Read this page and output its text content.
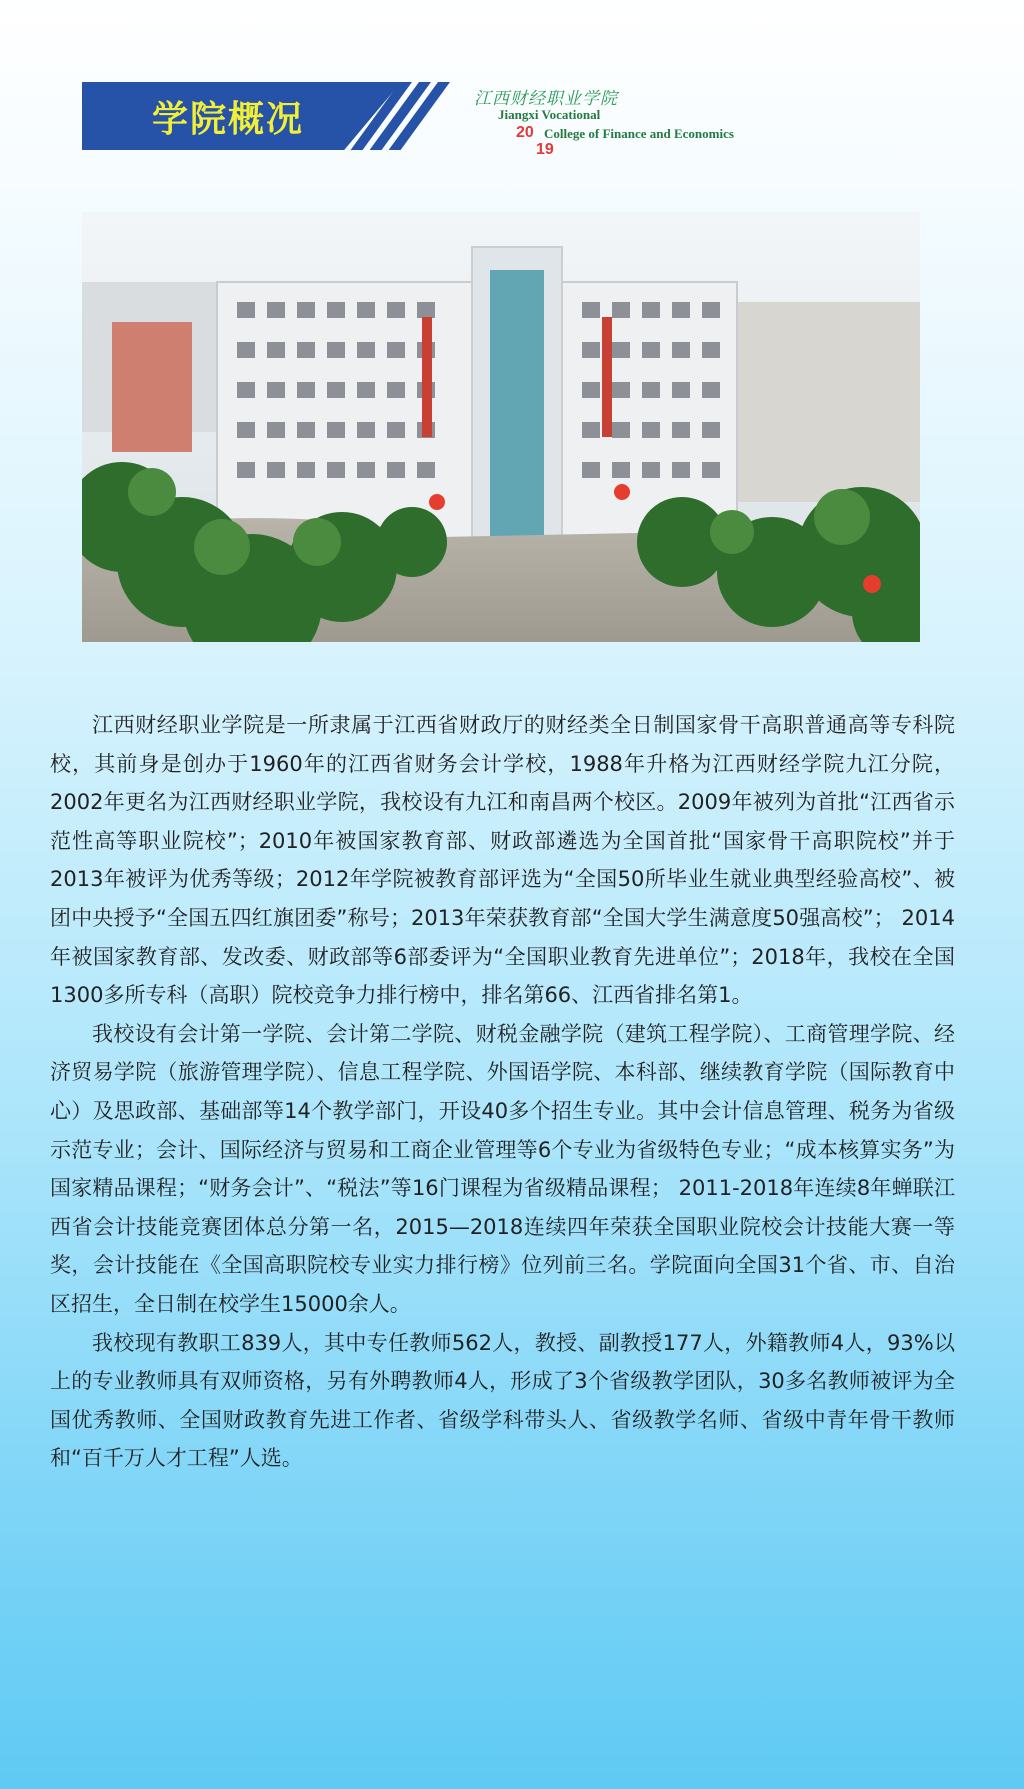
学院概况	江西财经职业学院
Jiangxi Vocational
20 College of Finance and Economics
19

江西财经职业学院是一所隶属于江西省财政厅的财经类全日制国家骨干高职普通高等专科院校，其前身是创办于1960年的江西省财务会计学校，1988年升格为江西财经学院九江分院，2002年更名为江西财经职业学院，我校设有九江和南昌两个校区。2009年被列为首批“江西省示范性高等职业院校”；2010年被国家教育部、财政部遴选为全国首批“国家骨干高职院校”并于2013年被评为优秀等级；2012年学院被教育部评选为“全国50所毕业生就业典型经验高校”、被团中央授予“全国五四红旗团委”称号；2013年荣获教育部“全国大学生满意度50强高校”； 2014年被国家教育部、发改委、财政部等6部委评为“全国职业教育先进单位”；2018年，我校在全国1300多所专科（高职）院校竞争力排行榜中，排名第66、江西省排名第1。

我校设有会计第一学院、会计第二学院、财税金融学院（建筑工程学院）、工商管理学院、经济贸易学院（旅游管理学院）、信息工程学院、外国语学院、本科部、继续教育学院（国际教育中心）及思政部、基础部等14个教学部门，开设40多个招生专业。其中会计信息管理、税务为省级示范专业；会计、国际经济与贸易和工商企业管理等6个专业为省级特色专业；“成本核算实务”为国家精品课程；“财务会计”、“税法”等16门课程为省级精品课程； 2011-2018年连续8年蝉联江西省会计技能竞赛团体总分第一名，2015—2018连续四年荣获全国职业院校会计技能大赛一等奖，会计技能在《全国高职院校专业实力排行榜》位列前三名。学院面向全国31个省、市、自治区招生，全日制在校学生15000余人。

我校现有教职工839人，其中专任教师562人，教授、副教授177人，外籍教师4人，93%以上的专业教师具有双师资格，另有外聘教师4人，形成了3个省级教学团队，30多名教师被评为全国优秀教师、全国财政教育先进工作者、省级学科带头人、省级教学名师、省级中青年骨干教师和“百千万人才工程”人选。
